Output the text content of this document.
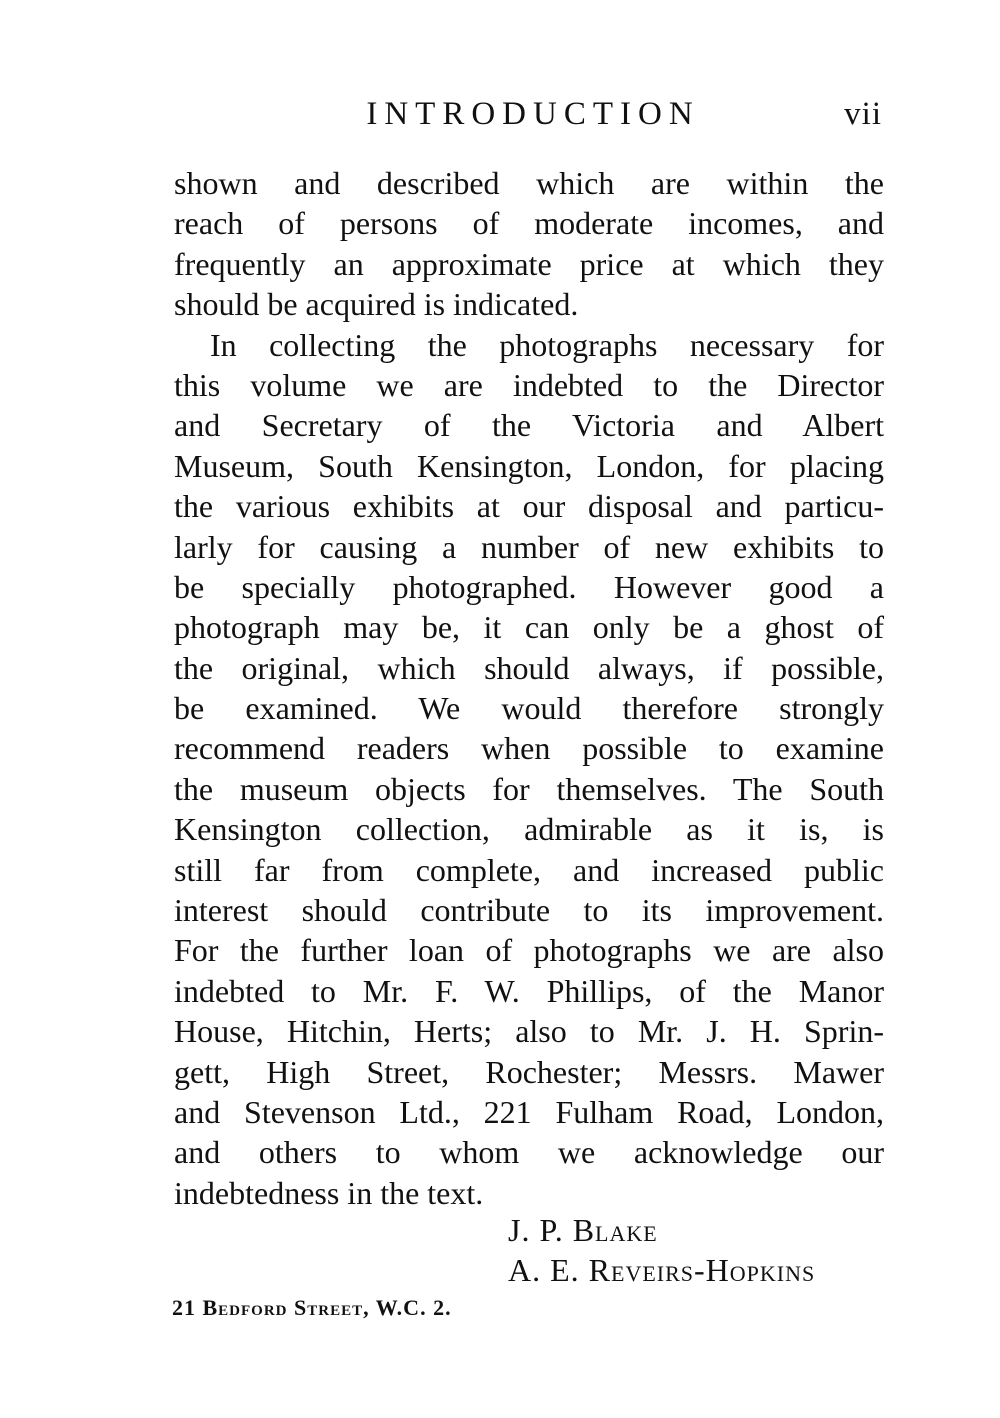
INTRODUCTION	vii
shown and described which are within the
reach of persons of moderate incomes, and
frequently an approximate price at which they
should be acquired is indicated.
In collecting the photographs necessary for
this volume we are indebted to the Director
and Secretary of the Victoria and Albert
Museum, South Kensington, London, for placing
the various exhibits at our disposal and particu-
larly for causing a number of new exhibits to
be specially photographed. However good a
photograph may be, it can only be a ghost of
the original, which should always, if possible,
be examined. We would therefore strongly
recommend readers when possible to examine
the museum objects for themselves. The South
Kensington collection, admirable as it is, is
still far from complete, and increased public
interest should contribute to its improvement.
For the further loan of photographs we are also
indebted to Mr. F. W. Phillips, of the Manor
House, Hitchin, Herts; also to Mr. J. H. Sprin-
gett, High Street, Rochester; Messrs. Mawer
and Stevenson Ltd., 221 Fulham Road, London,
and others to whom we acknowledge our
indebtedness in the text.
J. P. Blake
A. E. Reveirs-Hopkins
21 Bedford Street, W.C. 2.
